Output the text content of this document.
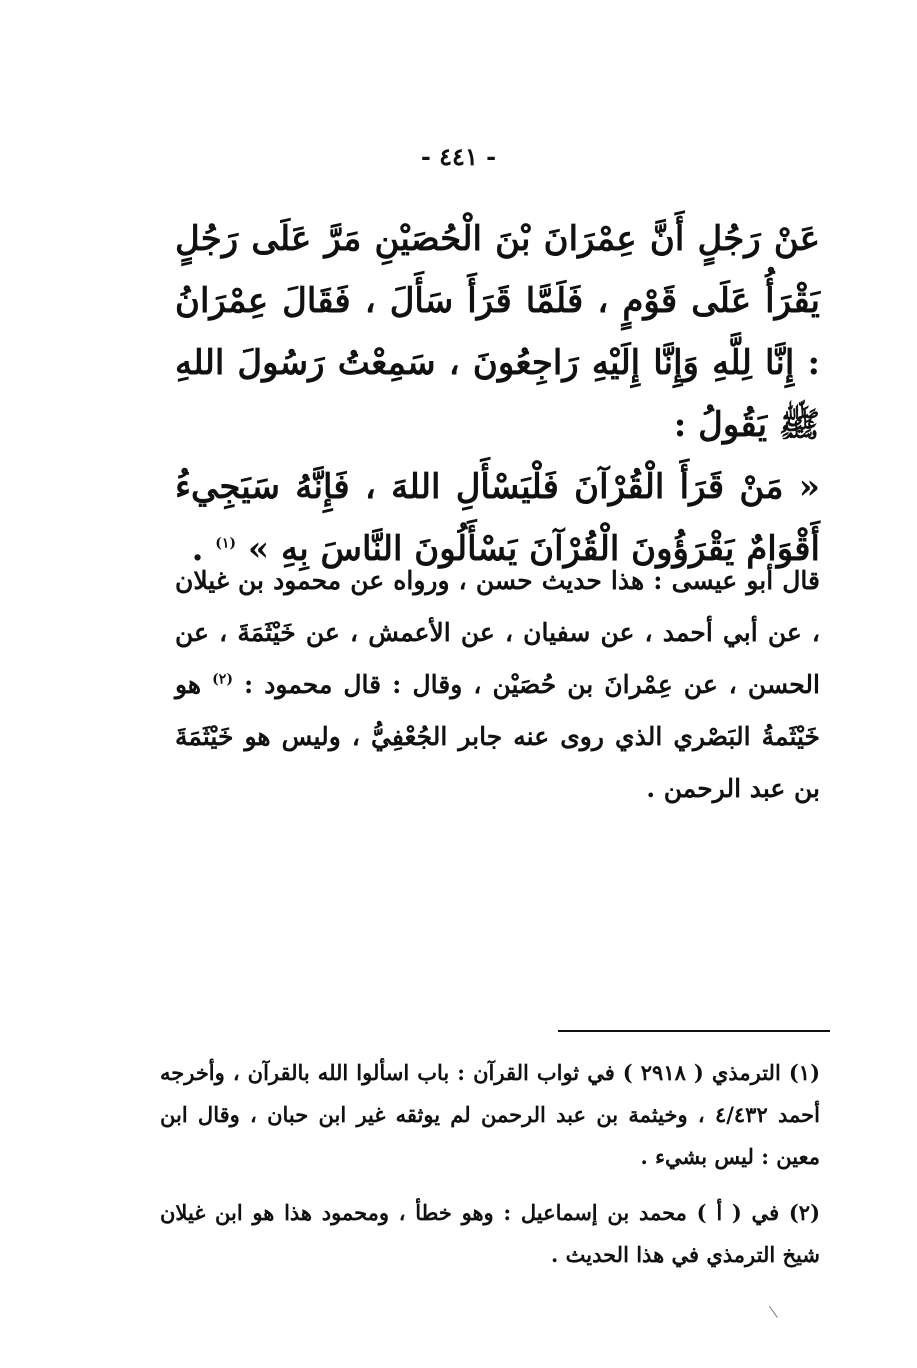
- ٤٤١ -

عَنْ رَجُلٍ أَنَّ عِمْرَانَ بْنَ الْحُصَيْنِ مَرَّ عَلَى رَجُلٍ يَقْرَأُ عَلَى قَوْمٍ ، فَلَمَّا قَرَأَ سَأَلَ ، فَقَالَ عِمْرَانُ : إِنَّا لِلَّهِ وَإِنَّا إِلَيْهِ رَاجِعُونَ ، سَمِعْتُ رَسُولَ اللهِ ﷺ يَقُولُ :

« مَنْ قَرَأَ الْقُرْآنَ فَلْيَسْأَلِ اللهَ ، فَإِنَّهُ سَيَجِيءُ أَقْوَامٌ يَقْرَؤُونَ الْقُرْآنَ يَسْأَلُونَ النَّاسَ بِهِ » $^{(١)}$ .

قال أبو عيسى : هذا حديث حسن ، ورواه عن محمود بن غيلان ، عن أبي أحمد ، عن سفيان ، عن الأعمش ، عن خَيْثَمَةَ ، عن الحسن ، عن عِمْرانَ بن حُصَيْن ، وقال : قال محمود : $^{(٢)}$ هو خَيْثَمةُ البَصْري الذي روى عنه جابر الجُعْفِيُّ ، وليس هو خَيْثَمَةَ بن عبد الرحمن .

(١) الترمذي ( ٢٩١٨ ) في ثواب القرآن : باب اسألوا الله بالقرآن ، وأخرجه أحمد ٤/٤٣٢ ، وخيثمة بن عبد الرحمن لم يوثقه غير ابن حبان ، وقال ابن معين : ليس بشيء .

(٢) في ( أ ) محمد بن إسماعيل : وهو خطأ ، ومحمود هذا هو ابن غيلان شيخ الترمذي في هذا الحديث .
